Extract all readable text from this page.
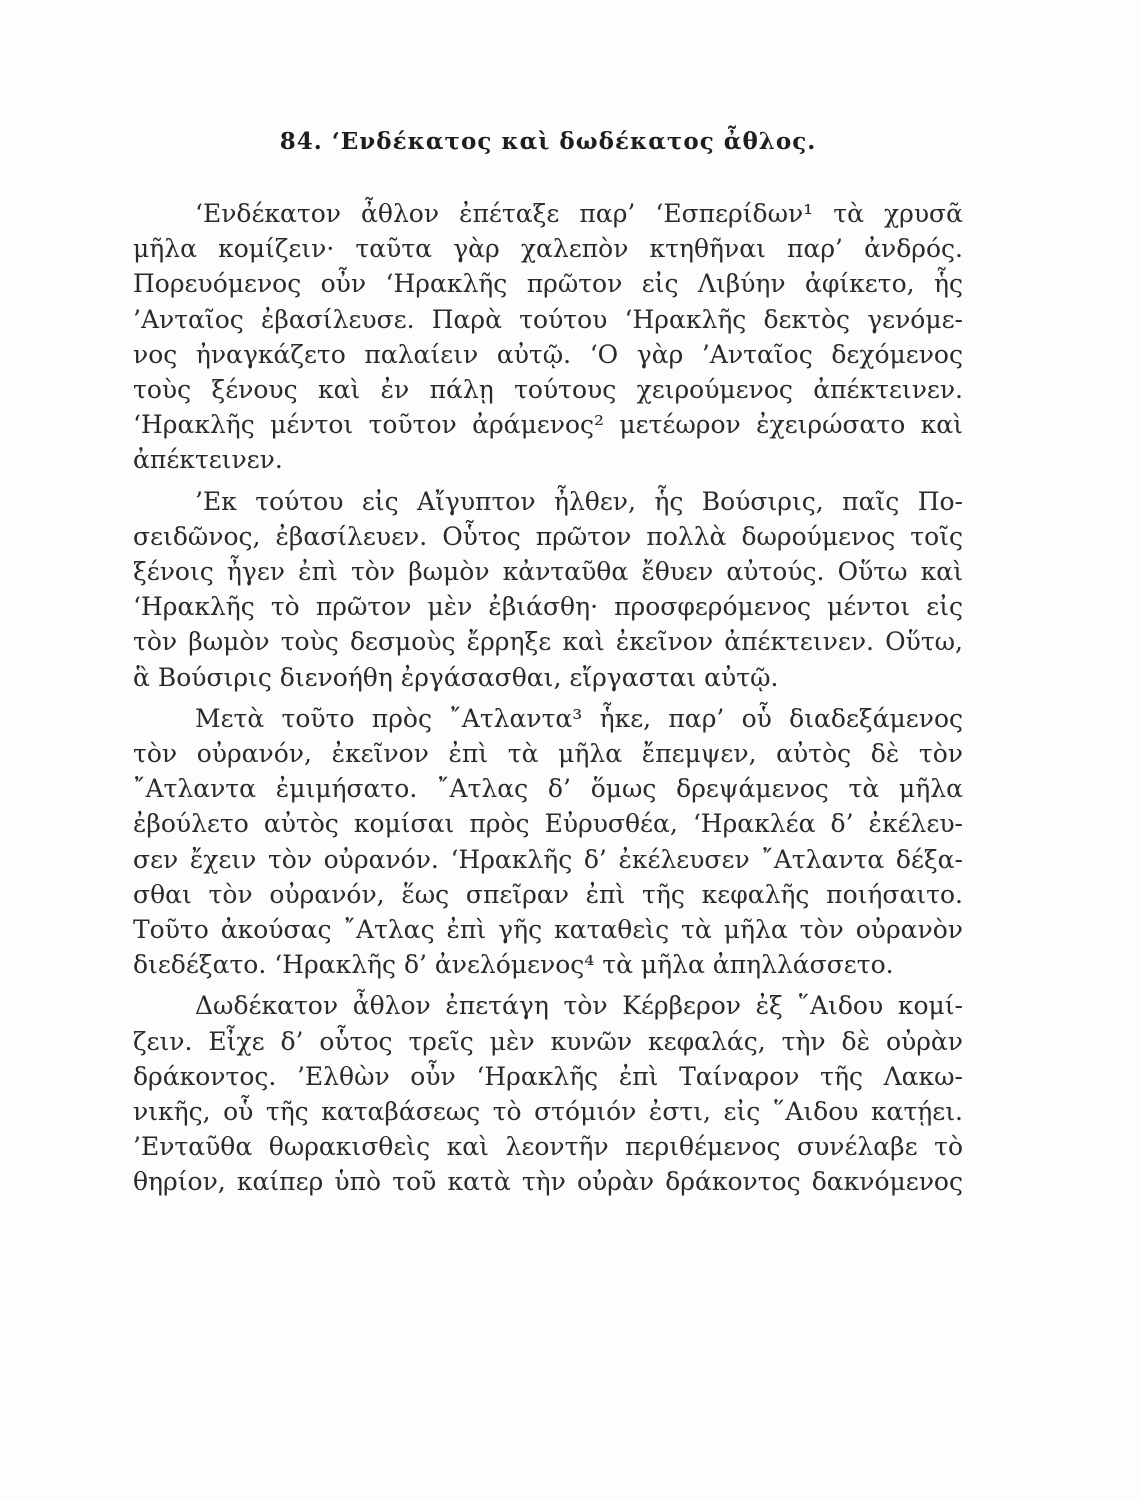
84. ‘Ενδέκατος καὶ δωδέκατος ἆθλος.
‘Ενδέκατον ἆθλον ἐπέταξε παρ’ ‘Εσπερίδων¹ τὰ χρυσᾶ
μῆλα κομίζειν· ταῦτα γὰρ χαλεπὸν κτηθῆναι παρ’ ἀνδρός.
Πορευόμενος οὖν ‘Ηρακλῆς πρῶτον εἰς Λιβύην ἀφίκετο, ἧς
’Ανταῖος ἐβασίλευσε. Παρὰ τούτου ‘Ηρακλῆς δεκτὸς γενόμε-
νος ἠναγκάζετο παλαίειν αὐτῷ. ‘Ο γὰρ ’Ανταῖος δεχόμενος
τοὺς ξένους καὶ ἐν πάλῃ τούτους χειρούμενος ἀπέκτεινεν.
‘Ηρακλῆς μέντοι τοῦτον ἀράμενος² μετέωρον ἐχειρώσατο καὶ
ἀπέκτεινεν.
’Εκ τούτου εἰς Αἴγυπτον ἦλθεν, ἧς Βούσιρις, παῖς Πο-
σειδῶνος, ἐβασίλευεν. Οὗτος πρῶτον πολλὰ δωρούμενος τοῖς
ξένοις ἦγεν ἐπὶ τὸν βωμὸν κἀνταῦθα ἔθυεν αὐτούς. Οὕτω καὶ
‘Ηρακλῆς τὸ πρῶτον μὲν ἐβιάσθη· προσφερόμενος μέντοι εἰς
τὸν βωμὸν τοὺς δεσμοὺς ἔρρηξε καὶ ἐκεῖνον ἀπέκτεινεν. Οὕτω,
ἃ Βούσιρις διενοήθη ἐργάσασθαι, εἴργασται αὐτῷ.
Μετὰ τοῦτο πρὸς ῎Ατλαντα³ ἧκε, παρ’ οὗ διαδεξάμενος
τὸν οὐρανόν, ἐκεῖνον ἐπὶ τὰ μῆλα ἔπεμψεν, αὐτὸς δὲ τὸν
῎Ατλαντα ἐμιμήσατο. ῎Ατλας δ’ ὅμως δρεψάμενος τὰ μῆλα
ἐβούλετο αὐτὸς κομίσαι πρὸς Εὐρυσθέα, ‘Ηρακλέα δ’ ἐκέλευ-
σεν ἔχειν τὸν οὐρανόν. ‘Ηρακλῆς δ’ ἐκέλευσεν ῎Ατλαντα δέξα-
σθαι τὸν οὐρανόν, ἕως σπεῖραν ἐπὶ τῆς κεφαλῆς ποιήσαιτο.
Τοῦτο ἀκούσας ῎Ατλας ἐπὶ γῆς καταθεὶς τὰ μῆλα τὸν οὐρανὸν
διεδέξατο. ‘Ηρακλῆς δ’ ἀνελόμενος⁴ τὰ μῆλα ἀπηλλάσσετο.
Δωδέκατον ἆθλον ἐπετάγη τὸν Κέρβερον ἐξ ῞Αιδου κομί-
ζειν. Εἶχε δ’ οὗτος τρεῖς μὲν κυνῶν κεφαλάς, τὴν δὲ οὐρὰν
δράκοντος. ’Ελθὼν οὖν ‘Ηρακλῆς ἐπὶ Ταίναρον τῆς Λακω-
νικῆς, οὗ τῆς καταβάσεως τὸ στόμιόν ἐστι, εἰς ῞Αιδου κατῄει.
’Ενταῦθα θωρακισθεὶς καὶ λεοντῆν περιθέμενος συνέλαβε τὸ
θηρίον, καίπερ ὑπὸ τοῦ κατὰ τὴν οὐρὰν δράκοντος δακνόμενος
